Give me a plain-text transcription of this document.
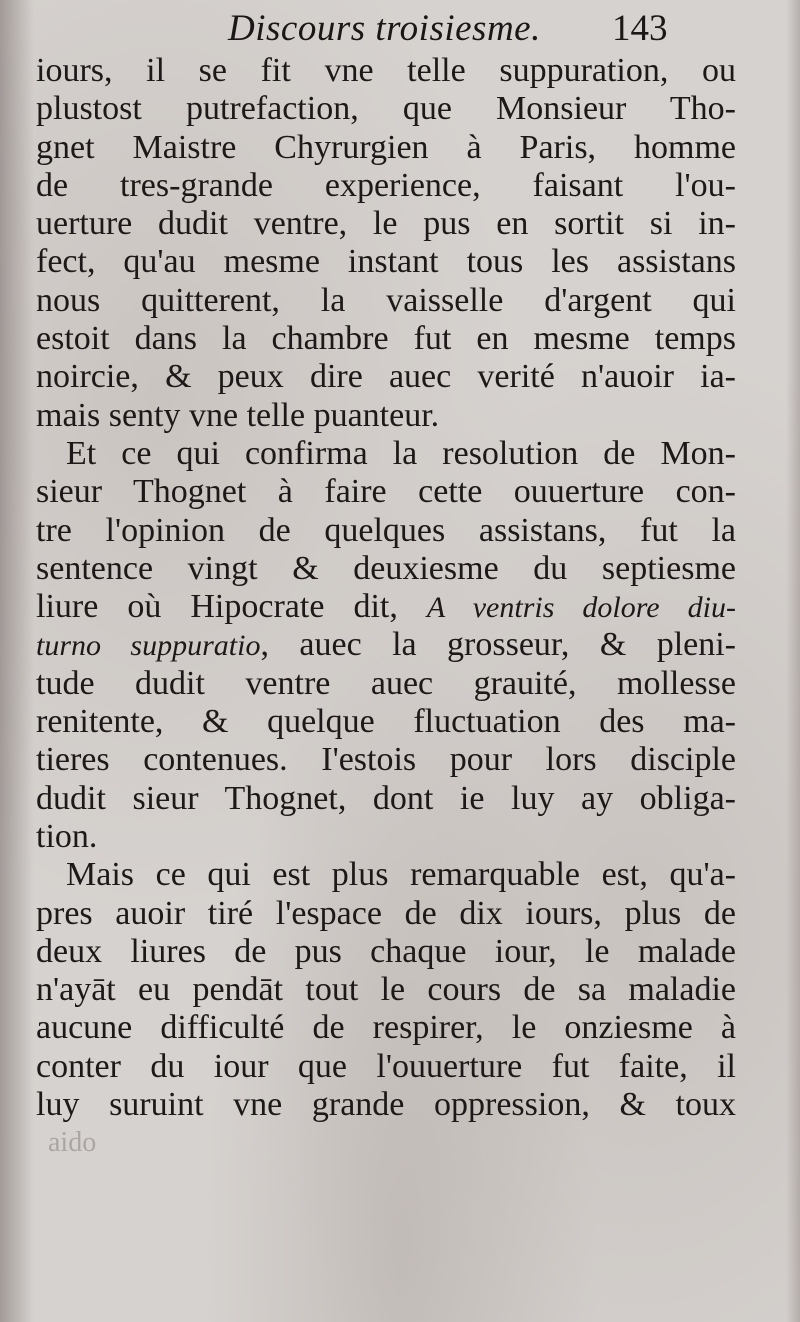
Discours troisiesme. 143
iours, il se fit vne telle suppuration, ou
plustost putrefaction, que Monsieur Tho-
gnet Maistre Chyrurgien à Paris, homme
de tres-grande experience, faisant l'ou-
uerture dudit ventre, le pus en sortit si in-
fect, qu'au mesme instant tous les assistans
nous quitterent, la vaisselle d'argent qui
estoit dans la chambre fut en mesme temps
noircie, & peux dire auec verité n'auoir ia-
mais senty vne telle puanteur.
Et ce qui confirma la resolution de Mon-
sieur Thognet à faire cette ouuerture con-
tre l'opinion de quelques assistans, fut la
sentence vingt & deuxiesme du septiesme
liure où Hipocrate dit, A ventris dolore diu-
turno suppuratio, auec la grosseur, & pleni-
tude dudit ventre auec grauité, mollesse
renitente, & quelque fluctuation des ma-
tieres contenues. I'estois pour lors disciple
dudit sieur Thognet, dont ie luy ay obliga-
tion.
Mais ce qui est plus remarquable est, qu'a-
pres auoir tiré l'espace de dix iours, plus de
deux liures de pus chaque iour, le malade
n'ayāt eu pendāt tout le cours de sa maladie
aucune difficulté de respirer, le onziesme à
conter du iour que l'ouuerture fut faite, il
luy suruint vne grande oppression, & toux
aido
